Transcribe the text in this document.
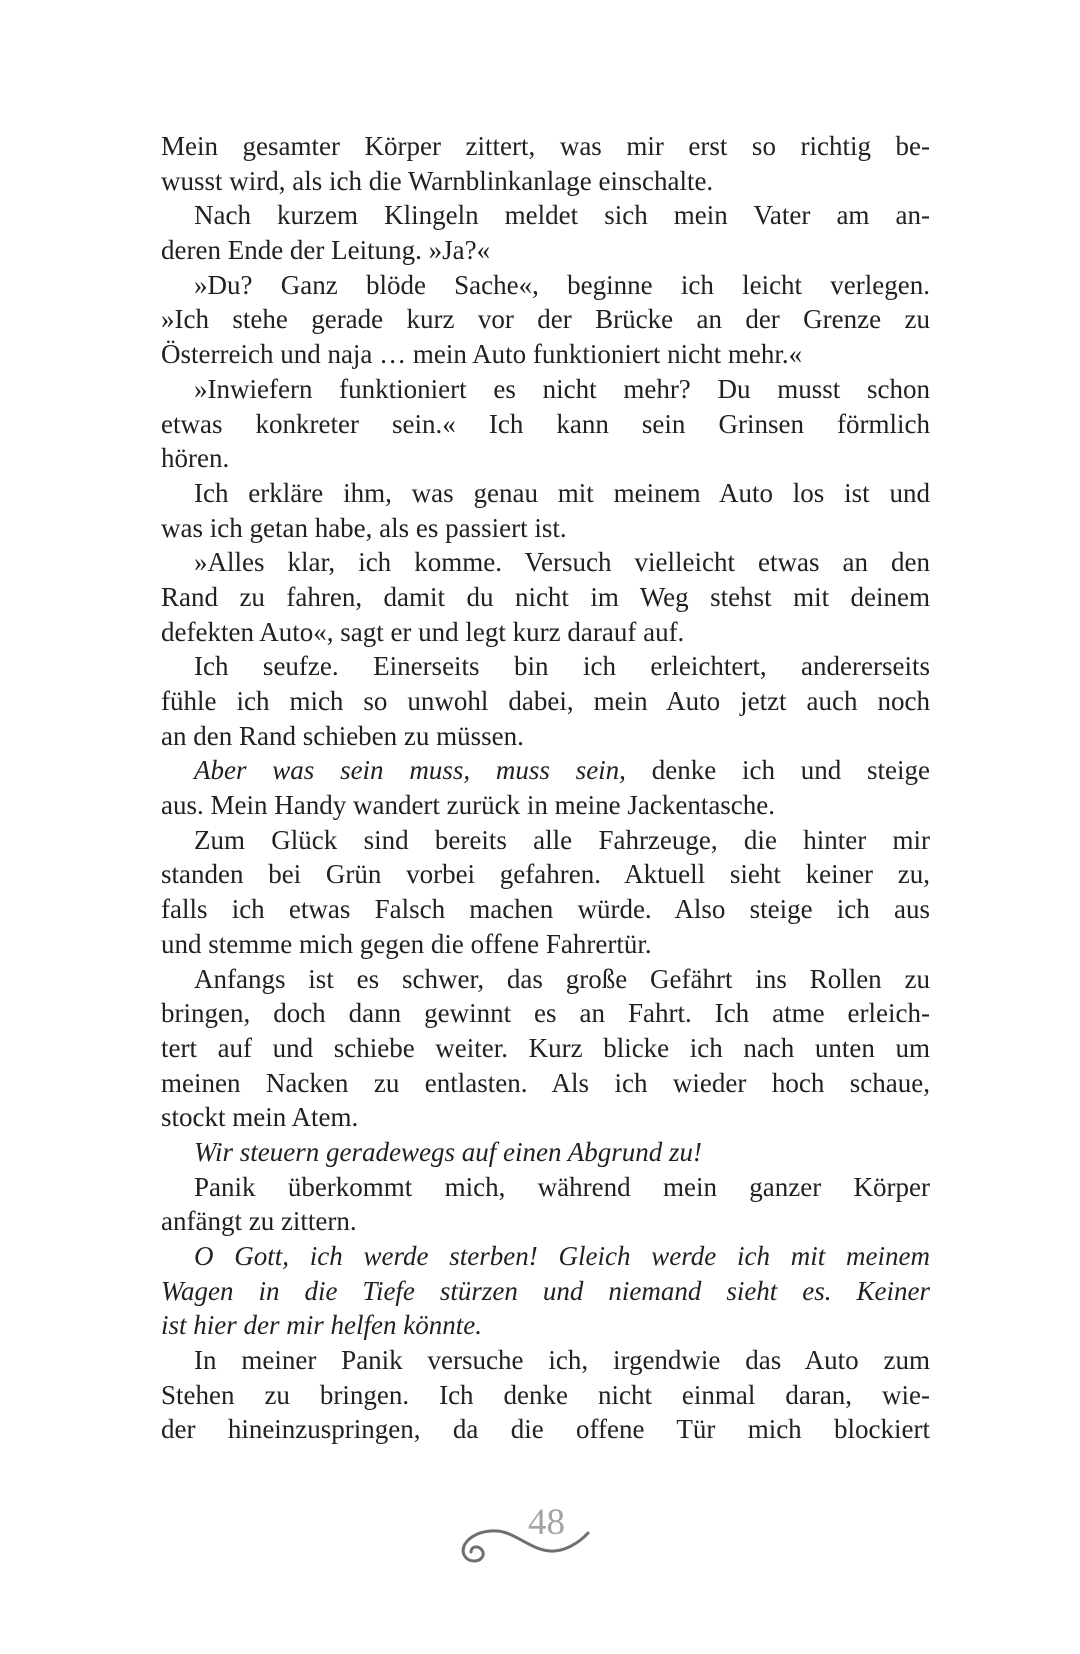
Mein gesamter Körper zittert, was mir erst so richtig be-
wusst wird, als ich die Warnblinkanlage einschalte.
Nach kurzem Klingeln meldet sich mein Vater am an-
deren Ende der Leitung. »Ja?«
»Du? Ganz blöde Sache«, beginne ich leicht verlegen.
»Ich stehe gerade kurz vor der Brücke an der Grenze zu
Österreich und naja … mein Auto funktioniert nicht mehr.«
»Inwiefern funktioniert es nicht mehr? Du musst schon
etwas konkreter sein.« Ich kann sein Grinsen förmlich
hören.
Ich erkläre ihm, was genau mit meinem Auto los ist und
was ich getan habe, als es passiert ist.
»Alles klar, ich komme. Versuch vielleicht etwas an den
Rand zu fahren, damit du nicht im Weg stehst mit deinem
defekten Auto«, sagt er und legt kurz darauf auf.
Ich seufze. Einerseits bin ich erleichtert, andererseits
fühle ich mich so unwohl dabei, mein Auto jetzt auch noch
an den Rand schieben zu müssen.
Aber was sein muss, muss sein, denke ich und steige
aus. Mein Handy wandert zurück in meine Jackentasche.
Zum Glück sind bereits alle Fahrzeuge, die hinter mir
standen bei Grün vorbei gefahren. Aktuell sieht keiner zu,
falls ich etwas Falsch machen würde. Also steige ich aus
und stemme mich gegen die offene Fahrertür.
Anfangs ist es schwer, das große Gefährt ins Rollen zu
bringen, doch dann gewinnt es an Fahrt. Ich atme erleich-
tert auf und schiebe weiter. Kurz blicke ich nach unten um
meinen Nacken zu entlasten. Als ich wieder hoch schaue,
stockt mein Atem.
Wir steuern geradewegs auf einen Abgrund zu!
Panik überkommt mich, während mein ganzer Körper
anfängt zu zittern.
O Gott, ich werde sterben! Gleich werde ich mit meinem
Wagen in die Tiefe stürzen und niemand sieht es. Keiner
ist hier der mir helfen könnte.
In meiner Panik versuche ich, irgendwie das Auto zum
Stehen zu bringen. Ich denke nicht einmal daran, wie-
der hineinzuspringen, da die offene Tür mich blockiert
48
